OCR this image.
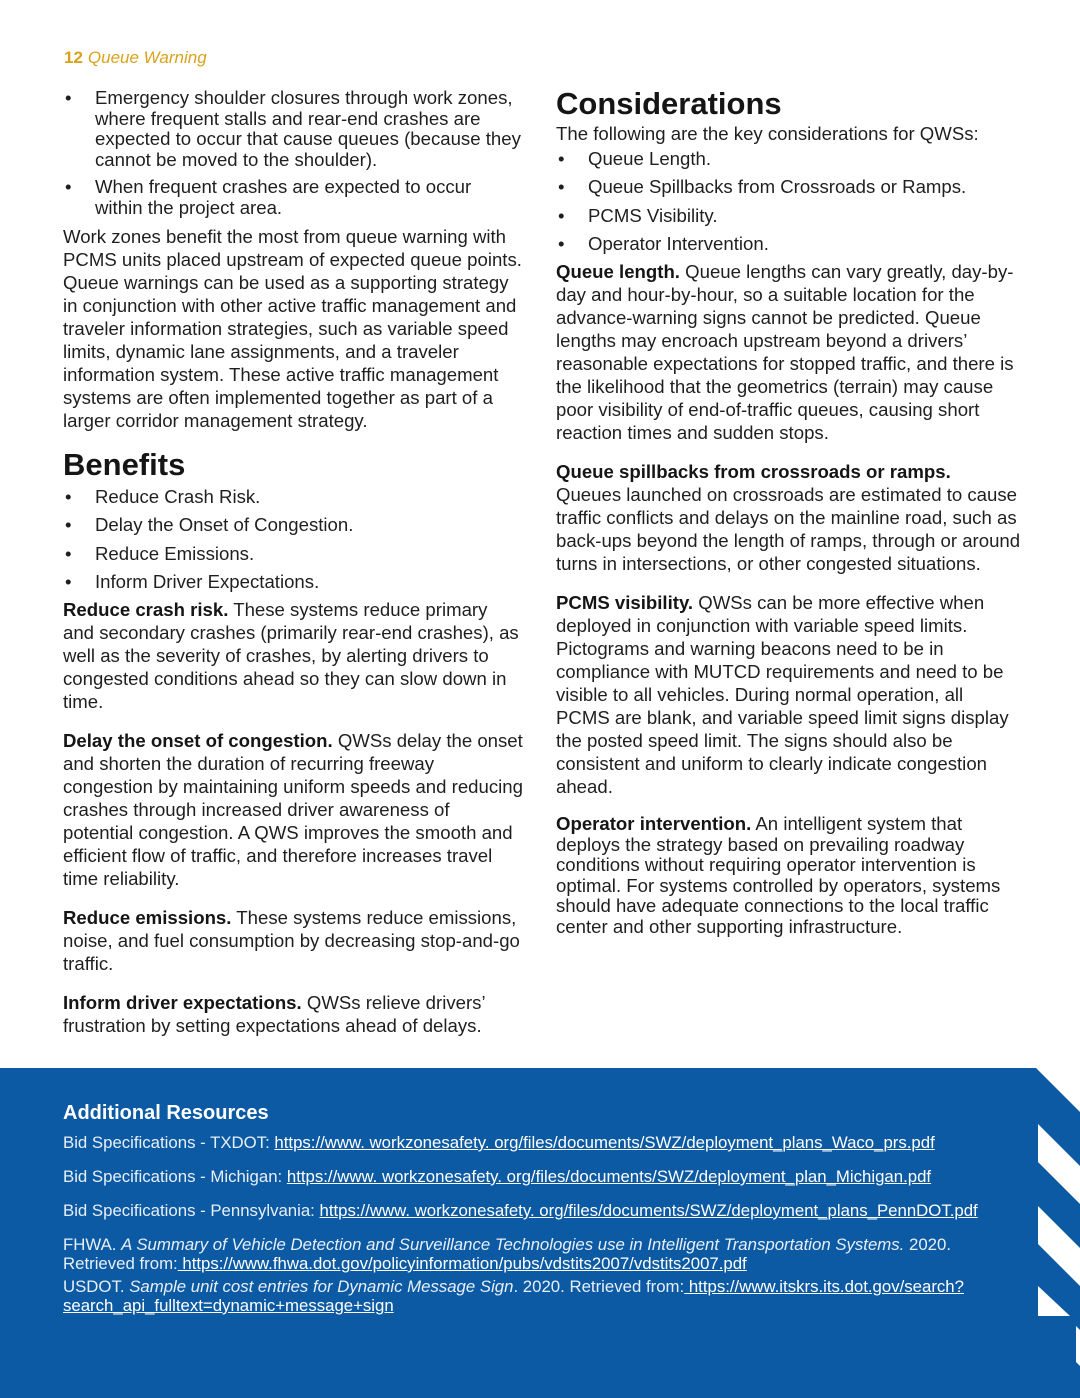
12 Queue Warning
• Emergency shoulder closures through work zones, where frequent stalls and rear-end crashes are expected to occur that cause queues (because they cannot be moved to the shoulder).
• When frequent crashes are expected to occur within the project area.

Work zones benefit the most from queue warning with PCMS units placed upstream of expected queue points. Queue warnings can be used as a supporting strategy in conjunction with other active traffic management and traveler information strategies, such as variable speed limits, dynamic lane assignments, and a traveler information system. These active traffic management systems are often implemented together as part of a larger corridor management strategy.

Benefits
• Reduce Crash Risk.
• Delay the Onset of Congestion.
• Reduce Emissions.
• Inform Driver Expectations.

Reduce crash risk. These systems reduce primary and secondary crashes (primarily rear-end crashes), as well as the severity of crashes, by alerting drivers to congested conditions ahead so they can slow down in time.

Delay the onset of congestion. QWSs delay the onset and shorten the duration of recurring freeway congestion by maintaining uniform speeds and reducing crashes through increased driver awareness of potential congestion. A QWS improves the smooth and efficient flow of traffic, and therefore increases travel time reliability.

Reduce emissions. These systems reduce emissions, noise, and fuel consumption by decreasing stop-and-go traffic.

Inform driver expectations. QWSs relieve drivers’ frustration by setting expectations ahead of delays.

Considerations

The following are the key considerations for QWSs:

• Queue Length.
• Queue Spillbacks from Crossroads or Ramps.
• PCMS Visibility.
• Operator Intervention.

Queue length. Queue lengths can vary greatly, day-by-day and hour-by-hour, so a suitable location for the advance-warning signs cannot be predicted. Queue lengths may encroach upstream beyond a drivers’ reasonable expectations for stopped traffic, and there is the likelihood that the geometrics (terrain) may cause poor visibility of end-of-traffic queues, causing short reaction times and sudden stops.

Queue spillbacks from crossroads or ramps.
Queues launched on crossroads are estimated to cause traffic conflicts and delays on the mainline road, such as back-ups beyond the length of ramps, through or around turns in intersections, or other congested situations.

PCMS visibility. QWSs can be more effective when deployed in conjunction with variable speed limits. Pictograms and warning beacons need to be in compliance with MUTCD requirements and need to be visible to all vehicles. During normal operation, all PCMS are blank, and variable speed limit signs display the posted speed limit. The signs should also be consistent and uniform to clearly indicate congestion ahead.

Operator intervention. An intelligent system that deploys the strategy based on prevailing roadway conditions without requiring operator intervention is optimal. For systems controlled by operators, systems should have adequate connections to the local traffic center and other supporting infrastructure.

Additional Resources

Bid Specifications - TXDOT: https://www. workzonesafety. org/files/documents/SWZ/deployment_plans_Waco_prs.pdf

Bid Specifications - Michigan: https://www. workzonesafety. org/files/documents/SWZ/deployment_plan_Michigan.pdf

Bid Specifications - Pennsylvania: https://www. workzonesafety. org/files/documents/SWZ/deployment_plans_PennDOT.pdf

FHWA. A Summary of Vehicle Detection and Surveillance Technologies use in Intelligent Transportation Systems. 2020. Retrieved from: https://www.fhwa.dot.gov/policyinformation/pubs/vdstits2007/vdstits2007.pdf

USDOT. Sample unit cost entries for Dynamic Message Sign. 2020. Retrieved from: https://www.itskrs.its.dot.gov/search?search_api_fulltext=dynamic+message+sign
